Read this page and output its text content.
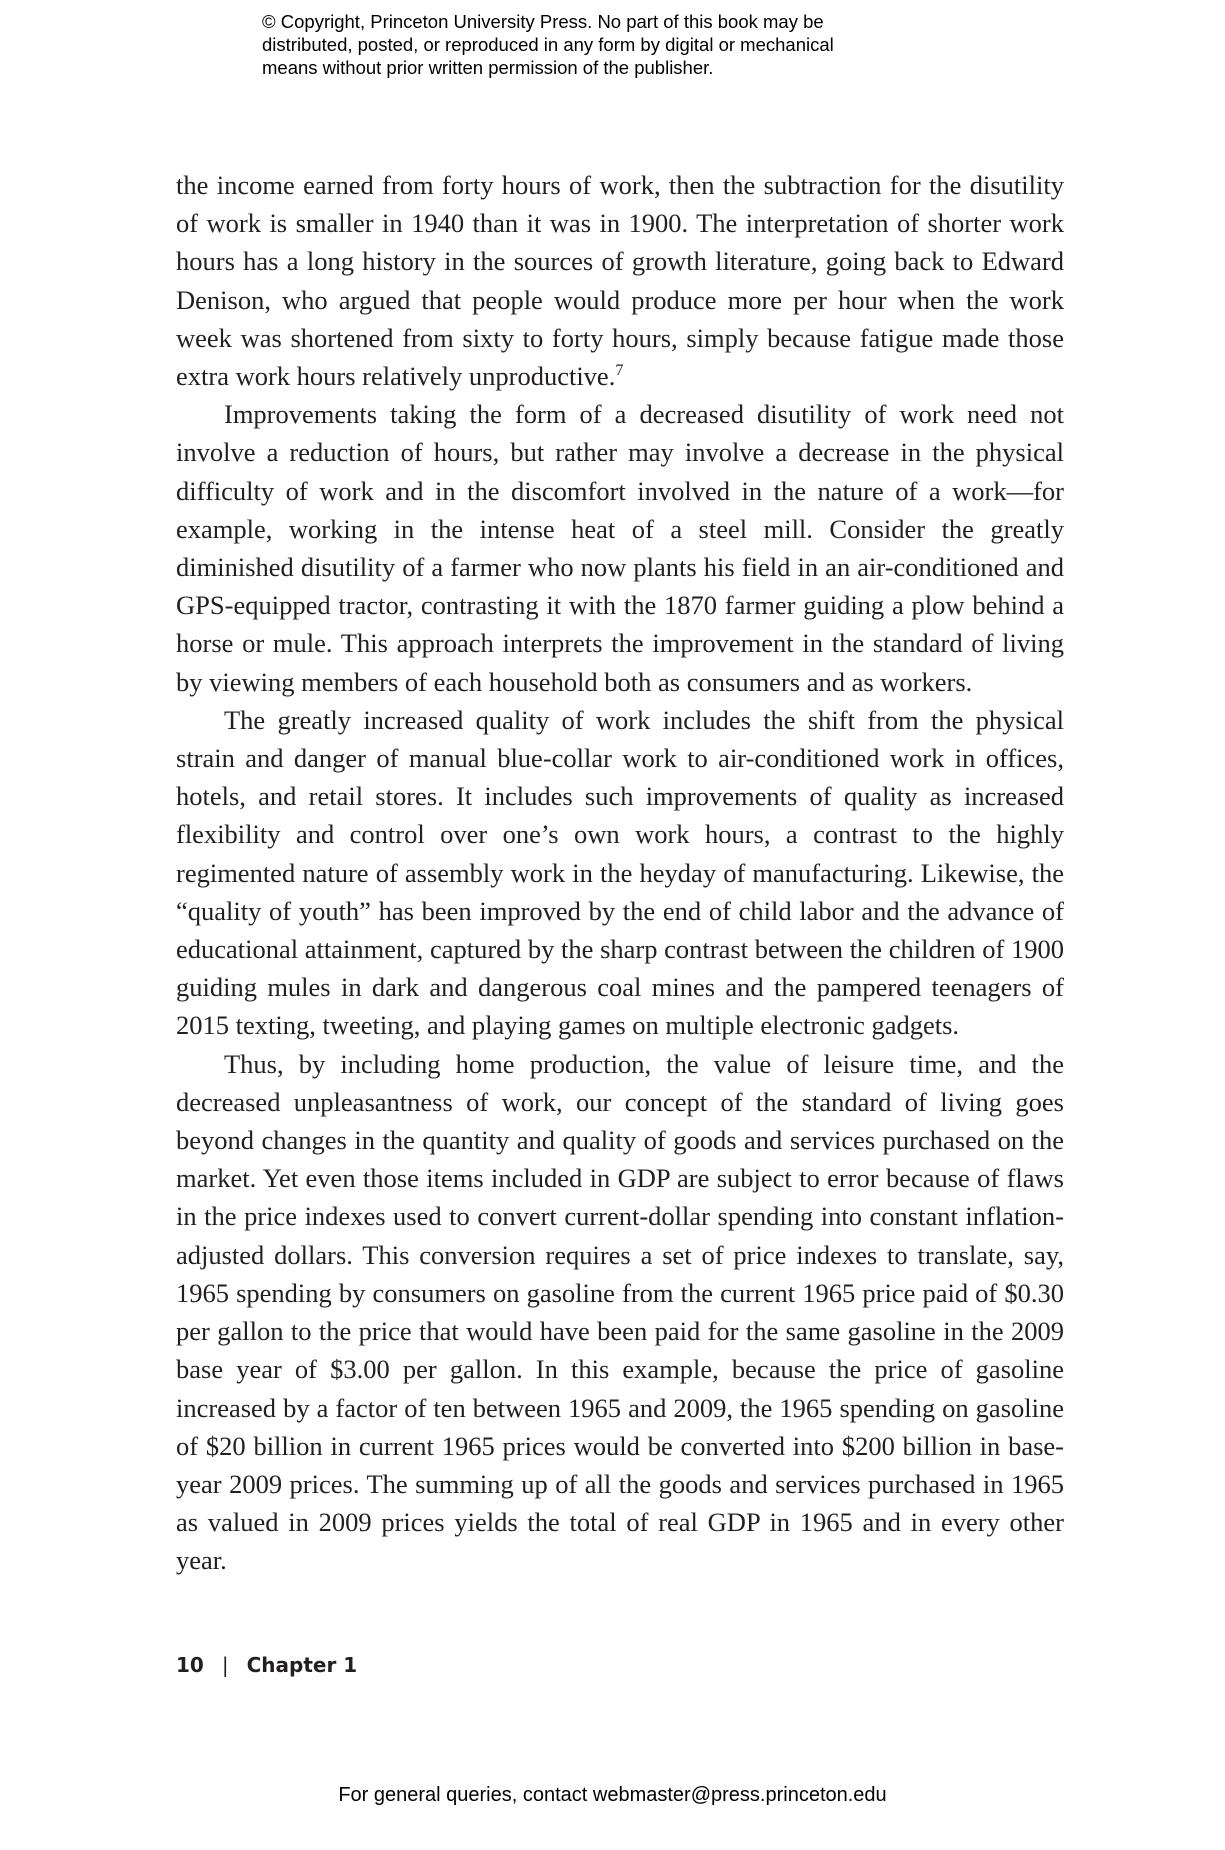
© Copyright, Princeton University Press. No part of this book may be
distributed, posted, or reproduced in any form by digital or mechanical
means without prior written permission of the publisher.

the income earned from forty hours of work, then the subtraction for the disutility of work is smaller in 1940 than it was in 1900. The interpretation of shorter work hours has a long history in the sources of growth literature, going back to Edward Denison, who argued that people would produce more per hour when the work week was shortened from sixty to forty hours, simply because fatigue made those extra work hours relatively unproductive.$^7$

Improvements taking the form of a decreased disutility of work need not involve a reduction of hours, but rather may involve a decrease in the physical difficulty of work and in the discomfort involved in the nature of a work—for example, working in the intense heat of a steel mill. Consider the greatly diminished disutility of a farmer who now plants his field in an air-conditioned and GPS-equipped tractor, contrasting it with the 1870 farmer guiding a plow behind a horse or mule. This approach interprets the improvement in the standard of living by viewing members of each household both as consumers and as workers.

The greatly increased quality of work includes the shift from the physical strain and danger of manual blue-collar work to air-conditioned work in offices, hotels, and retail stores. It includes such improvements of quality as increased flexibility and control over one’s own work hours, a contrast to the highly regimented nature of assembly work in the heyday of manufacturing. Likewise, the “quality of youth” has been improved by the end of child labor and the advance of educational attainment, captured by the sharp contrast between the children of 1900 guiding mules in dark and dangerous coal mines and the pampered teenagers of 2015 texting, tweeting, and playing games on multiple electronic gadgets.

Thus, by including home production, the value of leisure time, and the decreased unpleasantness of work, our concept of the standard of living goes beyond changes in the quantity and quality of goods and services purchased on the market. Yet even those items included in GDP are subject to error because of flaws in the price indexes used to convert current-dollar spending into constant inflation-adjusted dollars. This conversion requires a set of price indexes to translate, say, 1965 spending by consumers on gasoline from the current 1965 price paid of $0.30 per gallon to the price that would have been paid for the same gasoline in the 2009 base year of $3.00 per gallon. In this example, because the price of gasoline increased by a factor of ten between 1965 and 2009, the 1965 spending on gasoline of $20 billion in current 1965 prices would be converted into $200 billion in base-year 2009 prices. The summing up of all the goods and services purchased in 1965 as valued in 2009 prices yields the total of real GDP in 1965 and in every other year.

10 | Chapter 1
For general queries, contact webmaster@press.princeton.edu
